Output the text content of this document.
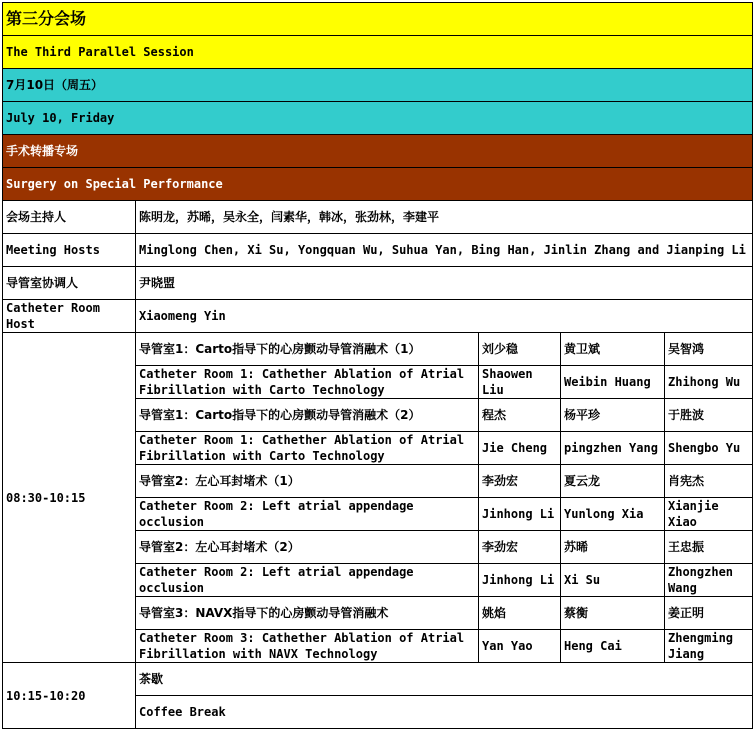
第三分会场				
The Third Parallel Session				
7月10日（周五）				
July 10, Friday				
手术转播专场				
Surgery on Special Performance				
会场主持人	陈明龙，苏晞，吴永全，闫素华，韩冰，张劲林，李建平			
Meeting Hosts	Minglong Chen, Xi Su, Yongquan Wu, Suhua Yan, Bing Han, Jinlin Zhang and Jianping Li			
导管室协调人	尹晓盟			
Catheter Room Host	Xiaomeng Yin			
08:30-10:15	导管室1：Carto指导下的心房颤动导管消融术（1）	刘少稳	黄卫斌	吴智鸿
	Catheter Room 1: Cathether Ablation of Atrial Fibrillation with Carto Technology	Shaowen Liu	Weibin Huang	Zhihong Wu
	导管室1：Carto指导下的心房颤动导管消融术（2）	程杰	杨平珍	于胜波
	Catheter Room 1: Cathether Ablation of Atrial Fibrillation with Carto Technology	Jie Cheng	pingzhen Yang	Shengbo Yu
	导管室2：左心耳封堵术（1）	李劲宏	夏云龙	肖宪杰
	Catheter Room 2: Left atrial appendage occlusion	Jinhong Li	Yunlong Xia	Xianjie Xiao
	导管室2：左心耳封堵术（2）	李劲宏	苏晞	王忠振
	Catheter Room 2: Left atrial appendage occlusion	Jinhong Li	Xi Su	Zhongzhen Wang
	导管室3：NAVX指导下的心房颤动导管消融术	姚焰	蔡衡	姜正明
	Catheter Room 3: Cathether Ablation of Atrial Fibrillation with NAVX Technology	Yan Yao	Heng Cai	Zhengming Jiang
10:15-10:20	茶歇			
	Coffee Break			
